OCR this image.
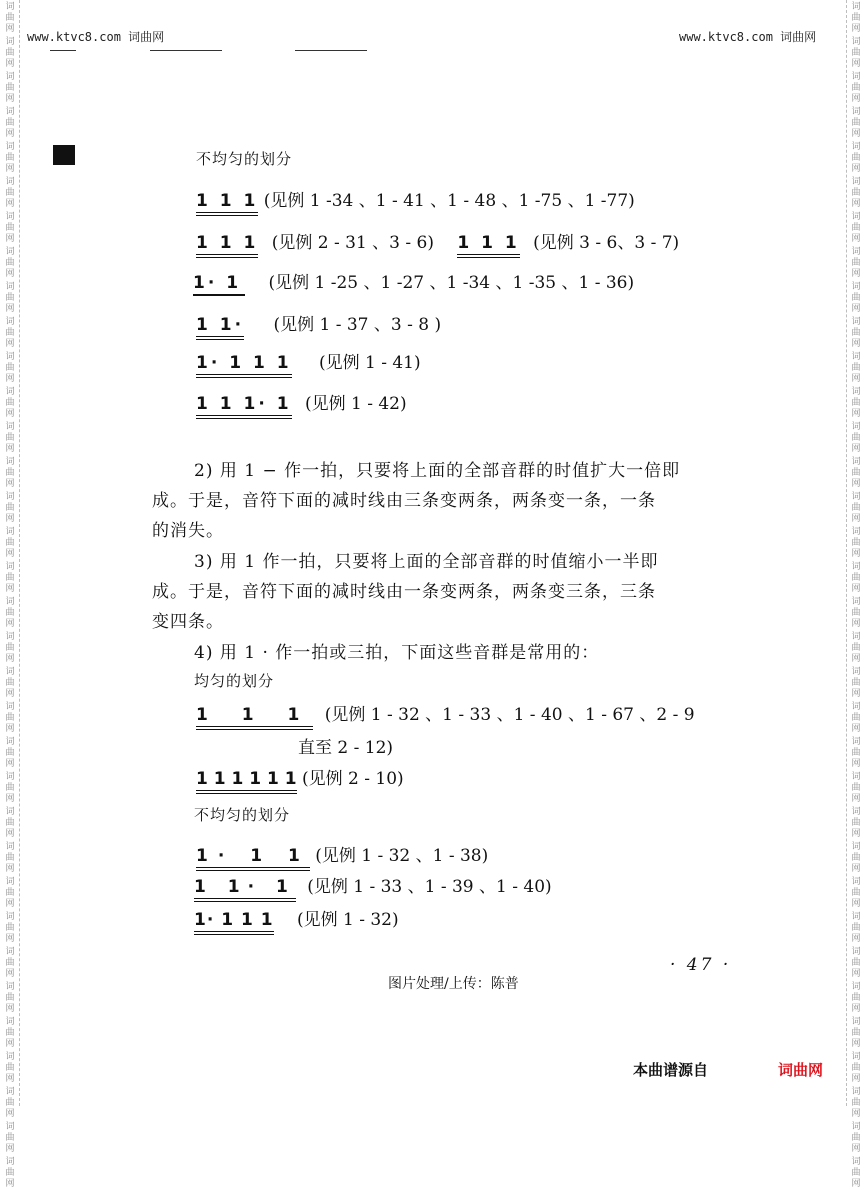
词
曲
网
词
曲
网
词
曲
网
词
曲
网
词
曲
网
词
曲
网
词
曲
网
词
曲
网
词
曲
网
词
曲
网
词
曲
网
词
曲
网
词
曲
网
词
曲
网
词
曲
网
词
曲
网
词
曲
网
词
曲
网
词
曲
网
词
曲
网
词
曲
网
词
曲
网
词
曲
网
词
曲
网
词
曲
网
词
曲
网
词
曲
网
词
曲
网
词
曲
网
词
曲
网
词
曲
网
词
曲
网
词
曲
网
词
曲
网
词
曲
网
词
曲
网
词
曲
网
词
曲
网
词
曲
网
词
曲
网
词
曲
网
词
曲
网
词
曲
网
词
曲
网
词
曲
网
词
曲
网
词
曲
网
词
曲
网
词
曲
网
词
曲
网
词
曲
网
词
曲
网
词
曲
网
词
曲
网
词
曲
网
词
曲
网
词
曲
网
词
曲
网
词
曲
网
词
曲
网
词
曲
网
词
曲
网
词
曲
网
词
曲
网
词
曲
网
词
曲
网
词
曲
网
词
曲
网
www.ktvc8.com 词曲网	www.ktvc8.com 词曲网
不均匀的划分
1 1 1 (见例 1 -34 、1 - 41 、1 - 48 、1 -75 、1 -77)
1 1 1 (见例 2 - 31 、3 - 6) 1 1 1 (见例 3 - 6、3 - 7)
1· 1 (见例 1 -25 、1 -27 、1 -34 、1 -35 、1 - 36)
1 1· (见例 1 - 37 、3 - 8 )
1· 1 1 1 (见例 1 - 41)
1 1 1· 1 (见例 1 - 42)
2) 用 1 − 作一拍，只要将上面的全部音群的时值扩大一倍即
成。于是，音符下面的减时线由三条变两条，两条变一条，一条
的消失。
3) 用 1 作一拍，只要将上面的全部音群的时值缩小一半即
成。于是，音符下面的减时线由一条变两条，两条变三条，三条
变四条。
4) 用 1 · 作一拍或三拍，下面这些音群是常用的：
均匀的划分
1 1 1 (见例 1 - 32 、1 - 33 、1 - 40 、1 - 67 、2 - 9
直至 2 - 12)
1 1 1 1 1 1 (见例 2 - 10)
不均匀的划分
1· 1 1 (见例 1 - 32 、1 - 38)
1 1· 1 (见例 1 - 33 、1 - 39 、1 - 40)
1· 1 1 1 (见例 1 - 32)
· 47 ·
图片处理/上传：陈普
本曲谱源自	词曲网
